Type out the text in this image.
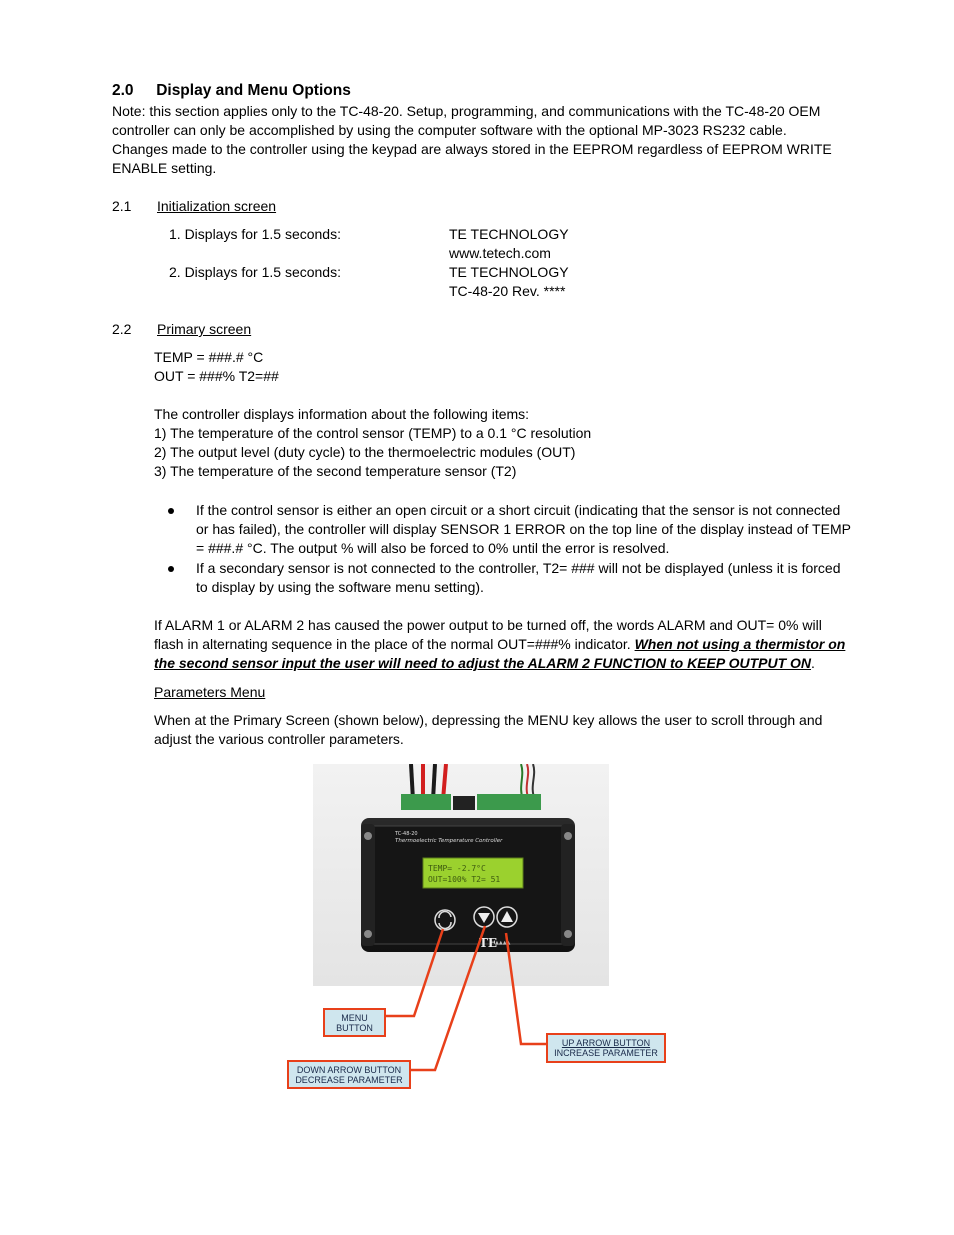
2.0 Display and Menu Options
Note: this section applies only to the TC-48-20. Setup, programming, and communications with the TC-48-20 OEM controller can only be accomplished by using the computer software with the optional MP-3023 RS232 cable. Changes made to the controller using the keypad are always stored in the EEPROM regardless of EEPROM WRITE ENABLE setting.
2.1 Initialization screen
1. Displays for 1.5 seconds:	TE TECHNOLOGY
www.tetech.com
2. Displays for 1.5 seconds:	TE TECHNOLOGY
TC-48-20 Rev. ****
2.2 Primary screen
TEMP = ###.# °C
OUT = ###% T2=##
The controller displays information about the following items:
1) The temperature of the control sensor (TEMP) to a 0.1 °C resolution
2) The output level (duty cycle) to the thermoelectric modules (OUT)
3) The temperature of the second temperature sensor (T2)
If the control sensor is either an open circuit or a short circuit (indicating that the sensor is not connected or has failed), the controller will display SENSOR 1 ERROR on the top line of the display instead of TEMP = ###.# °C. The output % will also be forced to 0% until the error is resolved.
If a secondary sensor is not connected to the controller, T2= ### will not be displayed (unless it is forced to display by using the software menu setting).
If ALARM 1 or ALARM 2 has caused the power output to be turned off, the words ALARM and OUT= 0% will flash in alternating sequence in the place of the normal OUT=###% indicator. When not using a thermistor on the second sensor input the user will need to adjust the ALARM 2 FUNCTION to KEEP OUTPUT ON.
Parameters Menu
When at the Primary Screen (shown below), depressing the MENU key allows the user to scroll through and adjust the various controller parameters.
TC-48-20
Thermoelectric Temperature Controller
TEMP= -2.7°C
OUT=100% T2= 51
TE
▲▲▲▲
MENU
BUTTON
UP ARROW BUTTON
INCREASE PARAMETER
DOWN ARROW BUTTON
DECREASE PARAMETER
